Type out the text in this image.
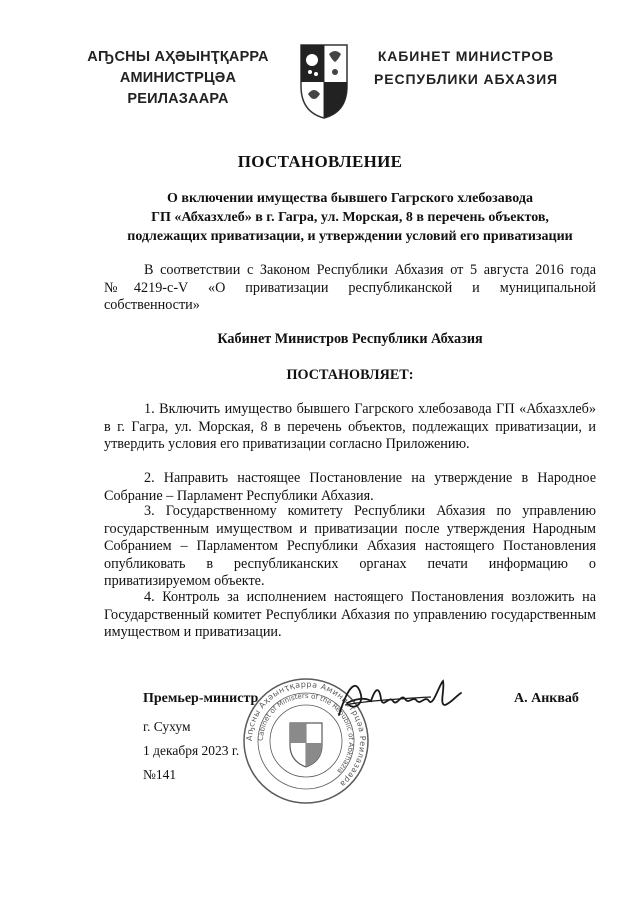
АҦСНЫ АҲӘЫНҬҚАРРА
АМИНИСТРЦӘА РЕИЛАЗААРА
КАБИНЕТ МИНИСТРОВ
РЕСПУБЛИКИ АБХАЗИЯ
ПОСТАНОВЛЕНИЕ
О включении имущества бывшего Гагрского хлебозавода
ГП «Абхазхлеб» в г. Гагра, ул. Морская, 8 в перечень объектов,
подлежащих приватизации, и утверждении условий его приватизации
В соответствии с Законом Республики Абхазия от 5 августа 2016 года №4219-с-V «О приватизации республиканской и муниципальной собственности»
Кабинет Министров Республики Абхазия
ПОСТАНОВЛЯЕТ:
1. Включить имущество бывшего Гагрского хлебозавода ГП «Абхазхлеб» в г. Гагра, ул. Морская, 8 в перечень объектов, подлежащих приватизации, и утвердить условия его приватизации согласно Приложению.
2. Направить настоящее Постановление на утверждение в Народное Собрание – Парламент Республики Абхазия.
3. Государственному комитету Республики Абхазия по управлению государственным имуществом и приватизации после утверждения Народным Собранием – Парламентом Республики Абхазия настоящего Постановления опубликовать в республиканских органах печати информацию о приватизируемом объекте.
4. Контроль за исполнением настоящего Постановления возложить на Государственный комитет Республики Абхазия по управлению государственным имуществом и приватизации.
Аҧсны Аҳәынҭқарра Аминистрцәа Реилазаара
Cabinet of Ministers of the Republic of Abkhazia
Премьер-министр	А. Анкваб
г. Сухум
1 декабря 2023 г.
№141
